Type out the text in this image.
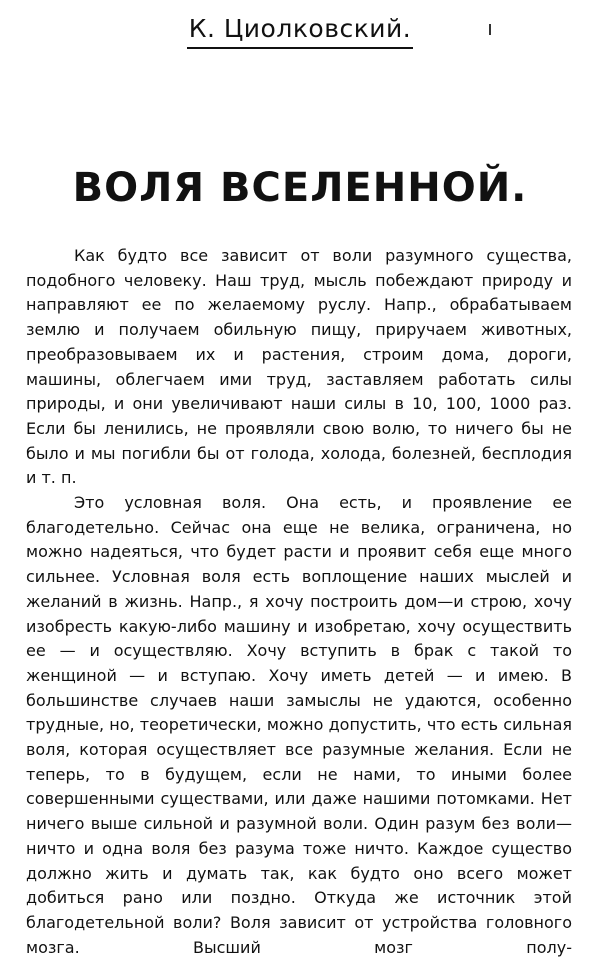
К. Циолковский.
ВОЛЯ ВСЕЛЕННОЙ.

Как будто все зависит от воли разумного существа, подобного человеку. Наш труд, мысль побеждают природу и направляют ее по желаемому руслу. Напр., обрабатываем землю и получаем обильную пищу, приручаем животных, преобразовываем их и растения, строим дома, дороги, машины, облегчаем ими труд, заставляем работать силы природы, и они увеличивают наши силы в 10, 100, 1000 раз. Если бы ленились, не проявляли свою волю, то ничего бы не было и мы погибли бы от голода, холода, болезней, бесплодия и т. п.

Это условная воля. Она есть, и проявление ее благодетельно. Сейчас она еще не велика, ограничена, но можно надеяться, что будет расти и проявит себя еще много сильнее. Условная воля есть воплощение наших мыслей и желаний в жизнь. Напр., я хочу построить дом—и строю, хочу изобресть какую-либо машину и изобретаю, хочу осуществить ее — и осуществляю. Хочу вступить в брак с такой то женщиной — и вступаю. Хочу иметь детей — и имею. В большинстве случаев наши замыслы не удаются, особенно трудные, но, теоретически, можно допустить, что есть сильная воля, которая осуществляет все разумные желания. Если не теперь, то в будущем, если не нами, то иными более совершенными существами, или даже нашими потомками. Нет ничего выше сильной и разумной воли. Один разум без воли—ничто и одна воля без разума тоже ничто. Каждое существо должно жить и думать так, как будто оно всего может добиться рано или поздно. Откуда же источник этой благодетельной воли? Воля зависит от устройства головного мозга. Высший мозг полу-
